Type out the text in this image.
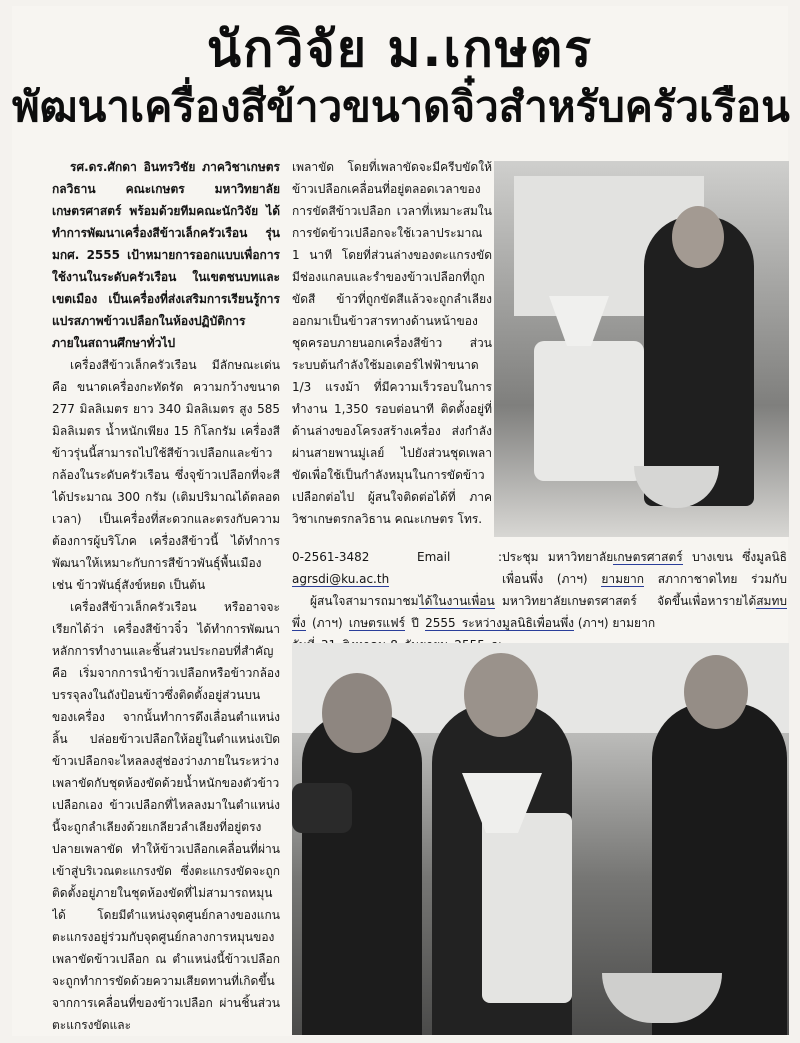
นักวิจัย ม.เกษตร
พัฒนาเครื่องสีข้าวขนาดจิ๋วสำหรับครัวเรือน

รศ.ดร.ศักดา อินทรวิชัย ภาควิชาเกษตรกลวิธาน คณะเกษตร มหาวิทยาลัยเกษตรศาสตร์ พร้อมด้วยทีมคณะนักวิจัย ได้ทำการพัฒนาเครื่องสีข้าวเล็กครัวเรือน รุ่น มกศ. 2555 เป้าหมายการออกแบบเพื่อการใช้งานในระดับครัวเรือน ในเขตชนบทและเขตเมือง เป็นเครื่องที่ส่งเสริมการเรียนรู้การแปรสภาพข้าวเปลือกในห้องปฏิบัติการภายในสถานศึกษาทั่วไป

เครื่องสีข้าวเล็กครัวเรือน มีลักษณะเด่น คือ ขนาดเครื่องกะทัดรัด ความกว้างขนาด 277 มิลลิเมตร ยาว 340 มิลลิเมตร สูง 585 มิลลิเมตร น้ำหนักเพียง 15 กิโลกรัม เครื่องสีข้าวรุ่นนี้สามารถไปใช้สีข้าวเปลือกและข้าวกล้องในระดับครัวเรือน ซึ่งจุข้าวเปลือกที่จะสีได้ประมาณ 300 กรัม (เติมปริมาณได้ตลอดเวลา) เป็นเครื่องที่สะดวกและตรงกับความต้องการผู้บริโภค เครื่องสีข้าวนี้ ได้ทำการพัฒนาให้เหมาะกับการสีข้าวพันธุ์พื้นเมือง เช่น ข้าวพันธุ์สังข์หยด เป็นต้น

เครื่องสีข้าวเล็กครัวเรือน หรืออาจจะเรียกได้ว่า เครื่องสีข้าวจิ๋ว ได้ทำการพัฒนาหลักการทำงานและชิ้นส่วนประกอบที่สำคัญคือ เริ่มจากการนำข้าวเปลือกหรือข้าวกล้องบรรจุลงในถังป้อนข้าวซึ่งติดตั้งอยู่ส่วนบนของเครื่อง จากนั้นทำการดึงเลื่อนตำแหน่งลิ้น ปล่อยข้าวเปลือกให้อยู่ในตำแหน่งเปิด ข้าวเปลือกจะไหลลงสู่ช่องว่างภายในระหว่างเพลาขัดกับชุดห้องขัดด้วยน้ำหนักของตัวข้าวเปลือกเอง ข้าวเปลือกที่ไหลลงมาในตำแหน่งนี้จะถูกลำเลียงด้วยเกลียวลำเลียงที่อยู่ตรงปลายเพลาขัด ทำให้ข้าวเปลือกเคลื่อนที่ผ่านเข้าสู่บริเวณตะแกรงขัด ซึ่งตะแกรงขัดจะถูกติดตั้งอยู่ภายในชุดห้องขัดที่ไม่สามารถหมุนได้ โดยมีตำแหน่งจุดศูนย์กลางของแกนตะแกรงอยู่ร่วมกับจุดศูนย์กลางการหมุนของเพลาขัดข้าวเปลือก ณ ตำแหน่งนี้ข้าวเปลือกจะถูกทำการขัดด้วยความเสียดทานที่เกิดขึ้นจากการเคลื่อนที่ของข้าวเปลือก ผ่านชิ้นส่วนตะแกรงขัดและ

เพลาขัด โดยที่เพลาขัดจะมีครีบขัดให้ข้าวเปลือกเคลื่อนที่อยู่ตลอดเวลาของการขัดสีข้าวเปลือก เวลาที่เหมาะสมในการขัดข้าวเปลือกจะใช้เวลาประมาณ 1 นาที โดยที่ส่วนล่างของตะแกรงขัด มีช่องแกลบและรำของข้าวเปลือกที่ถูกขัดสี ข้าวที่ถูกขัดสีแล้วจะถูกลำเลียงออกมาเป็นข้าวสารทางด้านหน้าของชุดครอบภายนอกเครื่องสีข้าว ส่วนระบบต้นกำลังใช้มอเตอร์ไฟฟ้าขนาด 1/3 แรงม้า ที่มีความเร็วรอบในการทำงาน 1,350 รอบต่อนาที ติดตั้งอยู่ที่ด้านล่างของโครงสร้างเครื่อง ส่งกำลังผ่านสายพานมู่เลย์ ไปยังส่วนชุดเพลาขัดเพื่อใช้เป็นกำลังหมุนในการขัดข้าวเปลือกต่อไป ผู้สนใจติดต่อได้ที่ ภาควิชาเกษตรกลวิธาน คณะเกษตร โทร.

0-2561-3482 Email : agrsdi@ku.ac.th
ผู้สนใจสามารถมาชมได้ในงานเพื่อนพึ่ง (ภาฯ) เกษตรแฟร์ ปี 2555 ระหว่าง
ประชุม มหาวิทยาลัยเกษตรศาสตร์ บางเขน ซึ่งมูลนิธิเพื่อนพึ่ง (ภาฯ) ยามยาก สภากาชาดไทย ร่วมกับ มหาวิทยาลัยเกษตรศาสตร์ จัดขึ้นเพื่อหารายได้สมทบมูลนิธิเพื่อนพึ่ง (ภาฯ) ยามยาก
